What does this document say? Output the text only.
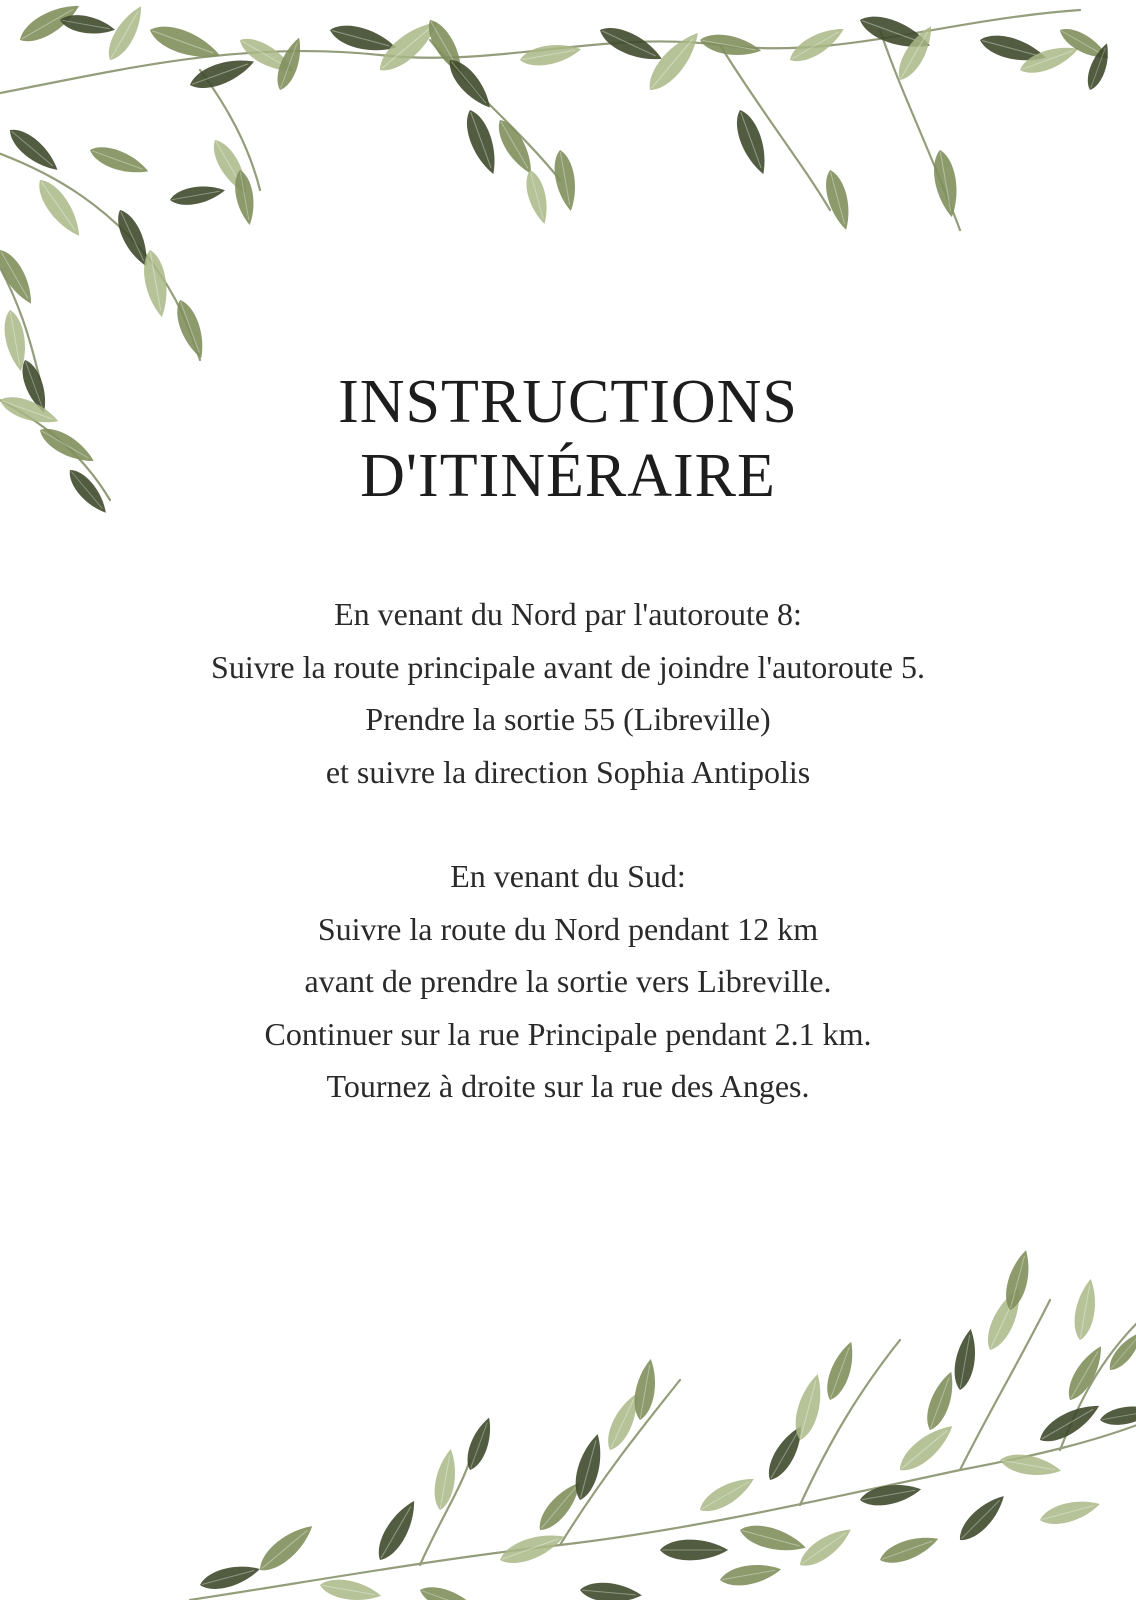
INSTRUCTIONS
D'ITINÉRAIRE

En venant du Nord par l'autoroute 8:
Suivre la route principale avant de joindre l'autoroute 5.
Prendre la sortie 55 (Libreville)
et suivre la direction Sophia Antipolis

En venant du Sud:
Suivre la route du Nord pendant 12 km
avant de prendre la sortie vers Libreville.
Continuer sur la rue Principale pendant 2.1 km.
Tournez à droite sur la rue des Anges.
